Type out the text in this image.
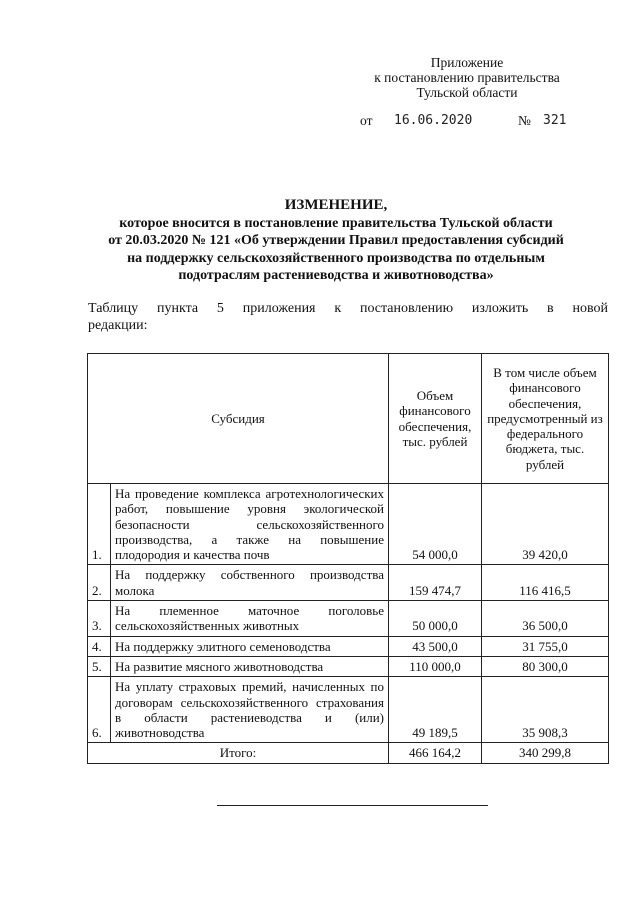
Приложение
к постановлению правительства
Тульской области
от 16.06.2020	№ 321
ИЗМЕНЕНИЕ,
которое вносится в постановление правительства Тульской области
от 20.03.2020 № 121 «Об утверждении Правил предоставления субсидий
на поддержку сельскохозяйственного производства по отдельным
подотраслям растениеводства и животноводства»
Таблицу пункта 5 приложения к постановлению изложить в новой
редакции:
Субсидия		Объем финансового обеспечения, тыс. рублей	В том числе объем финансового обеспечения, предусмотренный из федерального бюджета, тыс. рублей
1.	На проведение комплекса агротехнологических работ, повышение уровня экологической безопасности сельскохозяйственного производства, а также на повышение плодородия и качества почв	54 000,0	39 420,0
2.	На поддержку собственного производства молока	159 474,7	116 416,5
3.	На племенное маточное поголовье сельскохозяйственных животных	50 000,0	36 500,0
4.	На поддержку элитного семеноводства	43 500,0	31 755,0
5.	На развитие мясного животноводства	110 000,0	80 300,0
6.	На уплату страховых премий, начисленных по договорам сельскохозяйственного страхования в области растениеводства и (или) животноводства	49 189,5	35 908,3
Итого:		466 164,2	340 299,8
